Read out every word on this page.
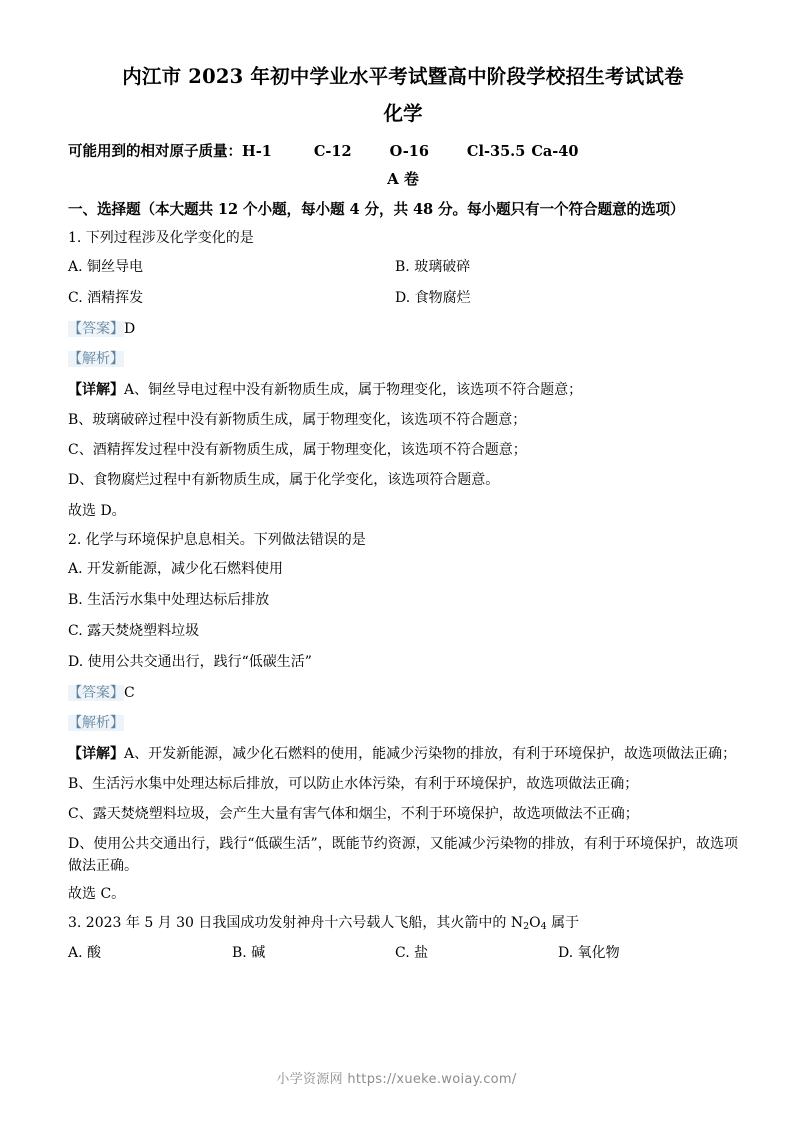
内江市 2023 年初中学业水平考试暨高中阶段学校招生考试试卷
化学
可能用到的相对原子质量：H-1	C-12	O-16	Cl-35.5 Ca-40
A 卷
一、选择题（本大题共 12 个小题，每小题 4 分，共 48 分。每小题只有一个符合题意的选项）
1. 下列过程涉及化学变化的是
A. 铜丝导电	B. 玻璃破碎
C. 酒精挥发	D. 食物腐烂
【答案】D
【解析】
【详解】A、铜丝导电过程中没有新物质生成，属于物理变化，该选项不符合题意；
B、玻璃破碎过程中没有新物质生成，属于物理变化，该选项不符合题意；
C、酒精挥发过程中没有新物质生成，属于物理变化，该选项不符合题意；
D、食物腐烂过程中有新物质生成，属于化学变化，该选项符合题意。
故选 D。
2. 化学与环境保护息息相关。下列做法错误的是
A. 开发新能源，减少化石燃料使用
B. 生活污水集中处理达标后排放
C. 露天焚烧塑料垃圾
D. 使用公共交通出行，践行“低碳生活”
【答案】C
【解析】
【详解】A、开发新能源，减少化石燃料的使用，能减少污染物的排放，有利于环境保护，故选项做法正确；
B、生活污水集中处理达标后排放，可以防止水体污染，有利于环境保护，故选项做法正确；
C、露天焚烧塑料垃圾，会产生大量有害气体和烟尘，不利于环境保护，故选项做法不正确；
D、使用公共交通出行，践行“低碳生活”，既能节约资源，又能减少污染物的排放，有利于环境保护，故选项做法正确。
故选 C。
3. 2023 年 5 月 30 日我国成功发射神舟十六号载人飞船，其火箭中的 $N_2O_4$ 属于
A. 酸	B. 碱	C. 盐	D. 氧化物
小学资源网 https://xueke.woiay.com/
